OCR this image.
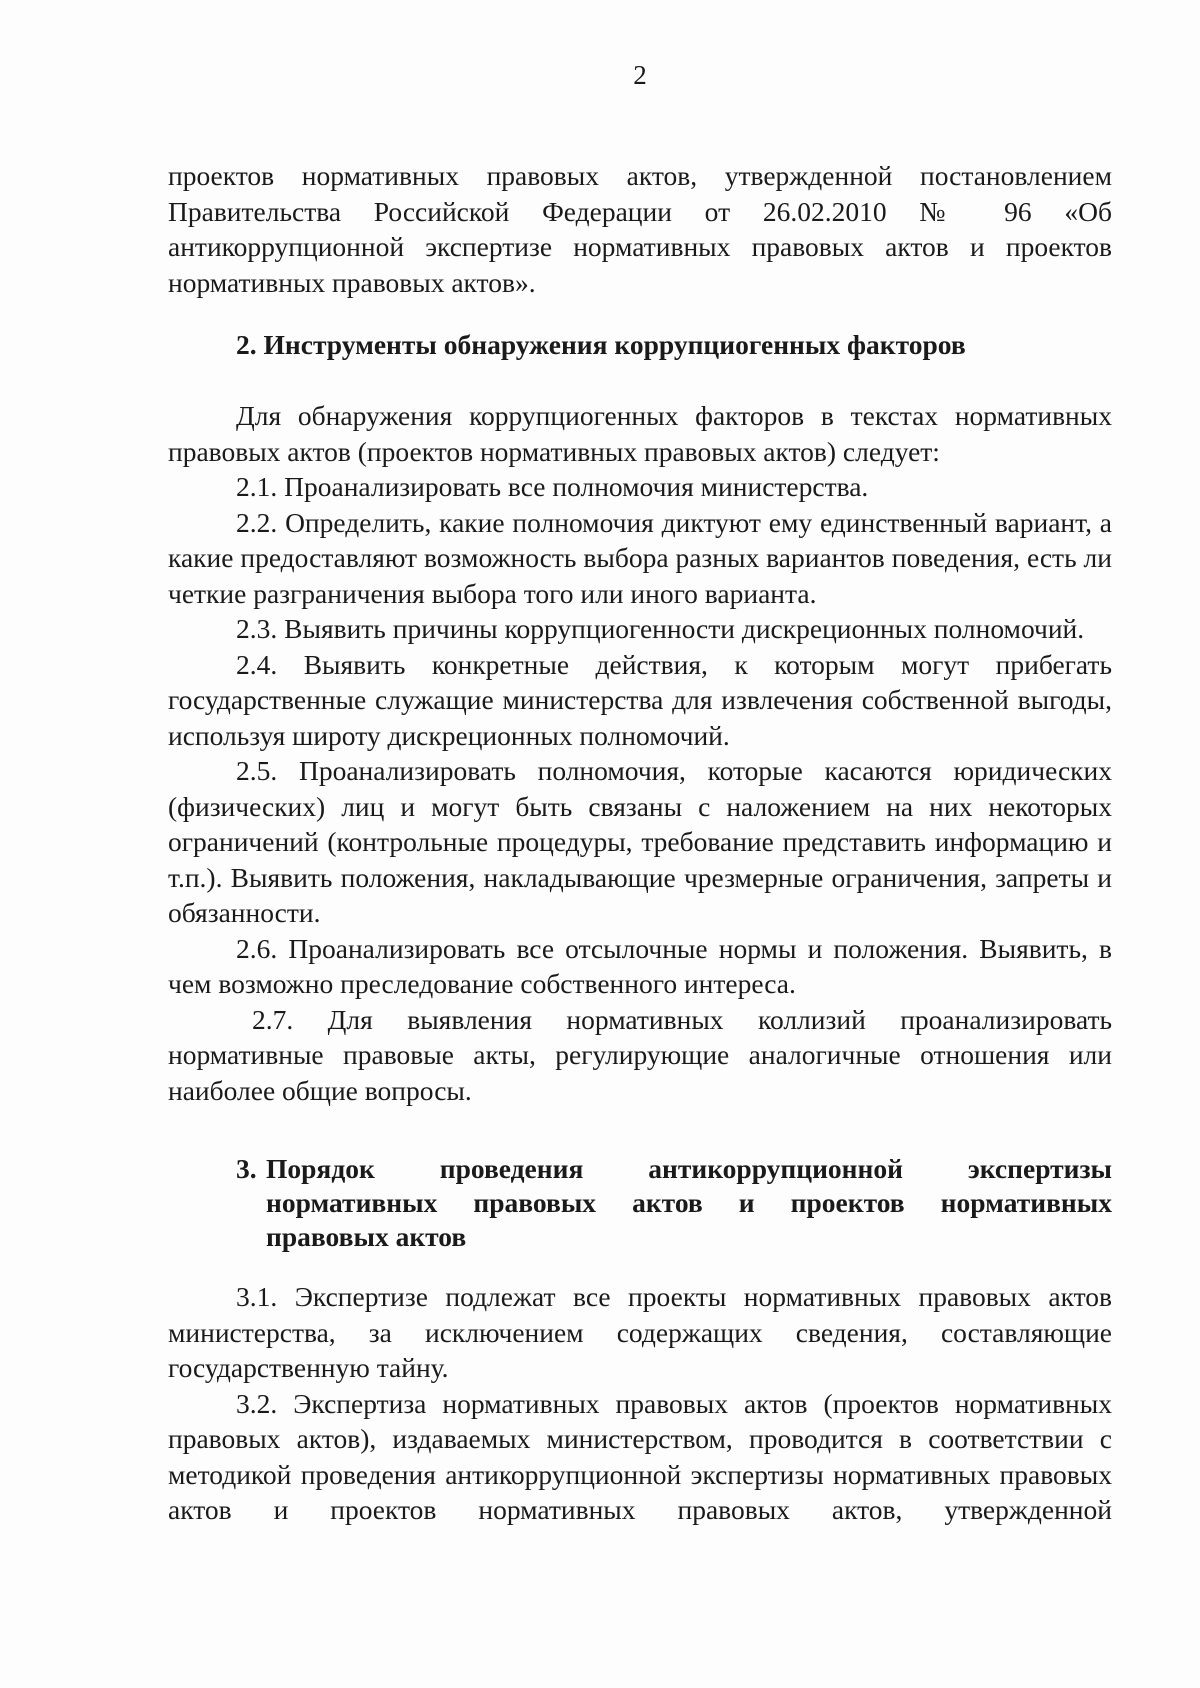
2

проектов нормативных правовых актов, утвержденной постановлением Правительства Российской Федерации от 26.02.2010 № 96 «Об антикоррупционной экспертизе нормативных правовых актов и проектов нормативных правовых актов».

2. Инструменты обнаружения коррупциогенных факторов

Для обнаружения коррупциогенных факторов в текстах нормативных правовых актов (проектов нормативных правовых актов) следует:

2.1. Проанализировать все полномочия министерства.

2.2. Определить, какие полномочия диктуют ему единственный вариант, а какие предоставляют возможность выбора разных вариантов поведения, есть ли четкие разграничения выбора того или иного варианта.

2.3. Выявить причины коррупциогенности дискреционных полномочий.

2.4. Выявить конкретные действия, к которым могут прибегать государственные служащие министерства для извлечения собственной выгоды, используя широту дискреционных полномочий.

2.5. Проанализировать полномочия, которые касаются юридических (физических) лиц и могут быть связаны с наложением на них некоторых ограничений (контрольные процедуры, требование представить информацию и т.п.). Выявить положения, накладывающие чрезмерные ограничения, запреты и обязанности.

2.6. Проанализировать все отсылочные нормы и положения. Выявить, в чем возможно преследование собственного интереса.

2.7. Для выявления нормативных коллизий проанализировать нормативные правовые акты, регулирующие аналогичные отношения или наиболее общие вопросы.

3. Порядок проведения антикоррупционной экспертизы
нормативных правовых актов и проектов нормативных
правовых актов

3.1. Экспертизе подлежат все проекты нормативных правовых актов министерства, за исключением содержащих сведения, составляющие государственную тайну.

3.2. Экспертиза нормативных правовых актов (проектов нормативных правовых актов), издаваемых министерством, проводится в соответствии с методикой проведения антикоррупционной экспертизы нормативных правовых актов и проектов нормативных правовых актов, утвержденной
